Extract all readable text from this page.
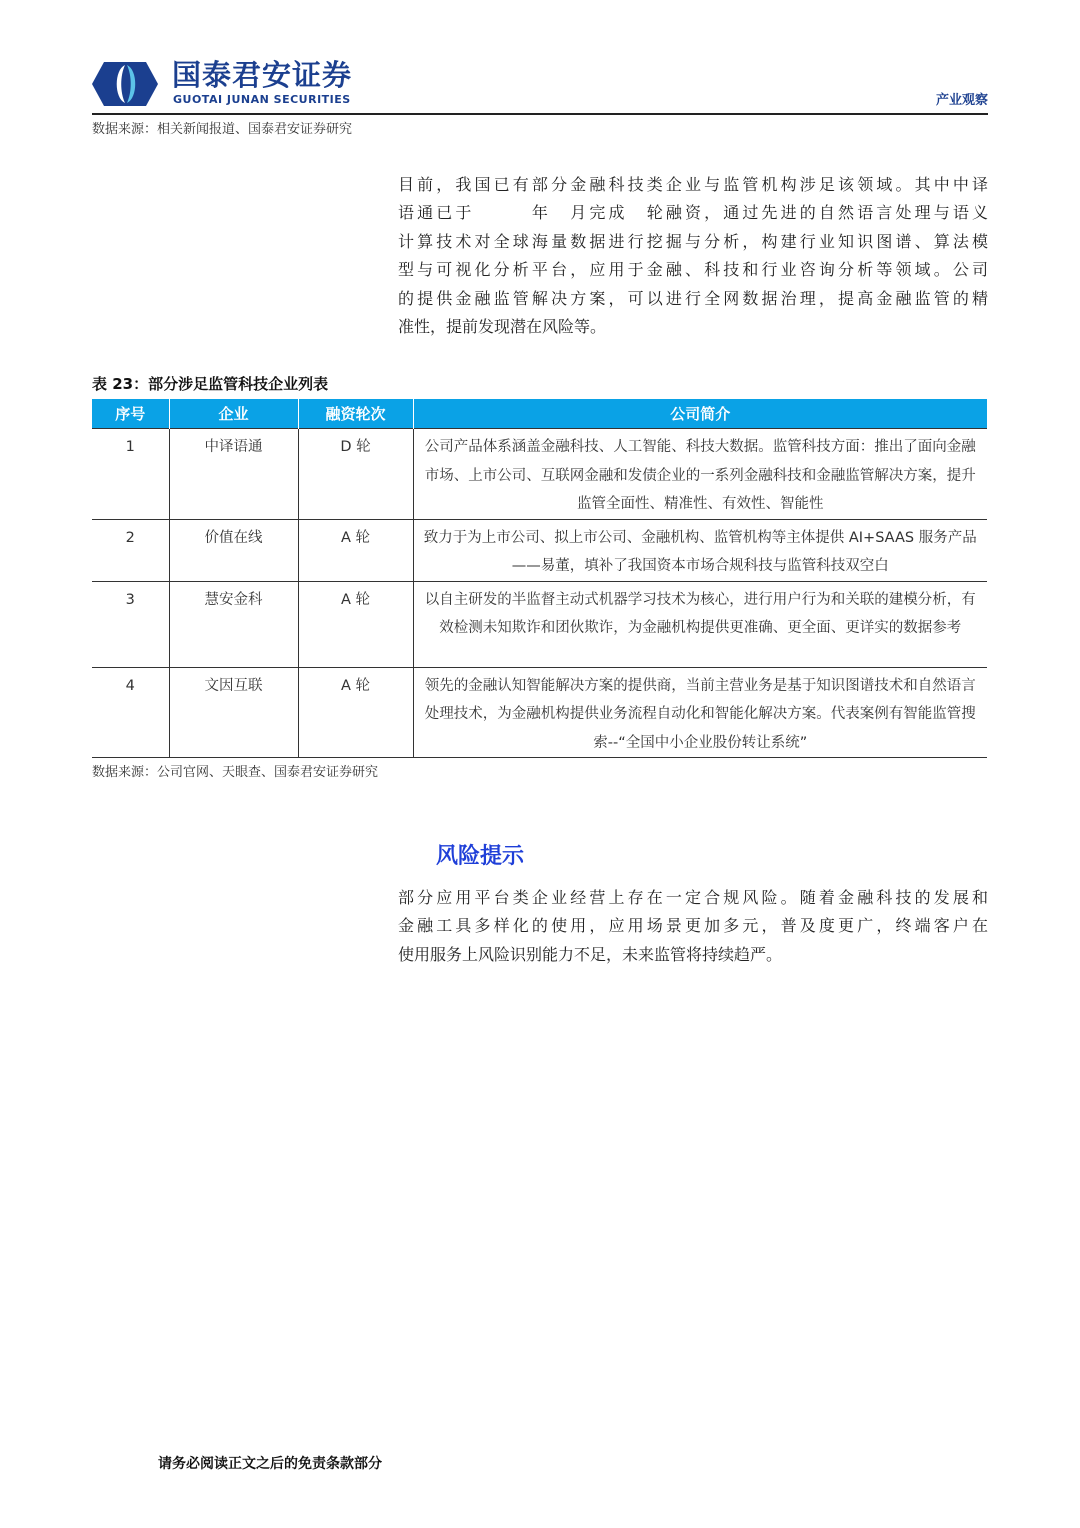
国泰君安证券
GUOTAI JUNAN SECURITIES	产业观察
数据来源：相关新闻报道、国泰君安证券研究
目前，我国已有部分金融科技类企业与监管机构涉足该领域。其中中译
语通已于　　　年　月完成　轮融资，通过先进的自然语言处理与语义
计算技术对全球海量数据进行挖掘与分析，构建行业知识图谱、算法模
型与可视化分析平台，应用于金融、科技和行业咨询分析等领域。公司
的提供金融监管解决方案，可以进行全网数据治理，提高金融监管的精
准性，提前发现潜在风险等。
表 23：部分涉足监管科技企业列表
序号	企业	融资轮次	公司简介
1	中译语通	D 轮	公司产品体系涵盖金融科技、人工智能、科技大数据。监管科技方面：推出了面向金融市场、上市公司、互联网金融和发债企业的一系列金融科技和金融监管解决方案，提升监管全面性、精准性、有效性、智能性
2	价值在线	A 轮	致力于为上市公司、拟上市公司、金融机构、监管机构等主体提供 AI+SAAS 服务产品——易董，填补了我国资本市场合规科技与监管科技双空白
3	慧安金科	A 轮	以自主研发的半监督主动式机器学习技术为核心，进行用户行为和关联的建模分析，有效检测未知欺诈和团伙欺诈，为金融机构提供更准确、更全面、更详实的数据参考
4	文因互联	A 轮	领先的金融认知智能解决方案的提供商，当前主营业务是基于知识图谱技术和自然语言处理技术，为金融机构提供业务流程自动化和智能化解决方案。代表案例有智能监管搜索--“全国中小企业股份转让系统”
数据来源：公司官网、天眼查、国泰君安证券研究
风险提示
部分应用平台类企业经营上存在一定合规风险。随着金融科技的发展和
金融工具多样化的使用，应用场景更加多元，普及度更广，终端客户在
使用服务上风险识别能力不足，未来监管将持续趋严。
请务必阅读正文之后的免责条款部分
